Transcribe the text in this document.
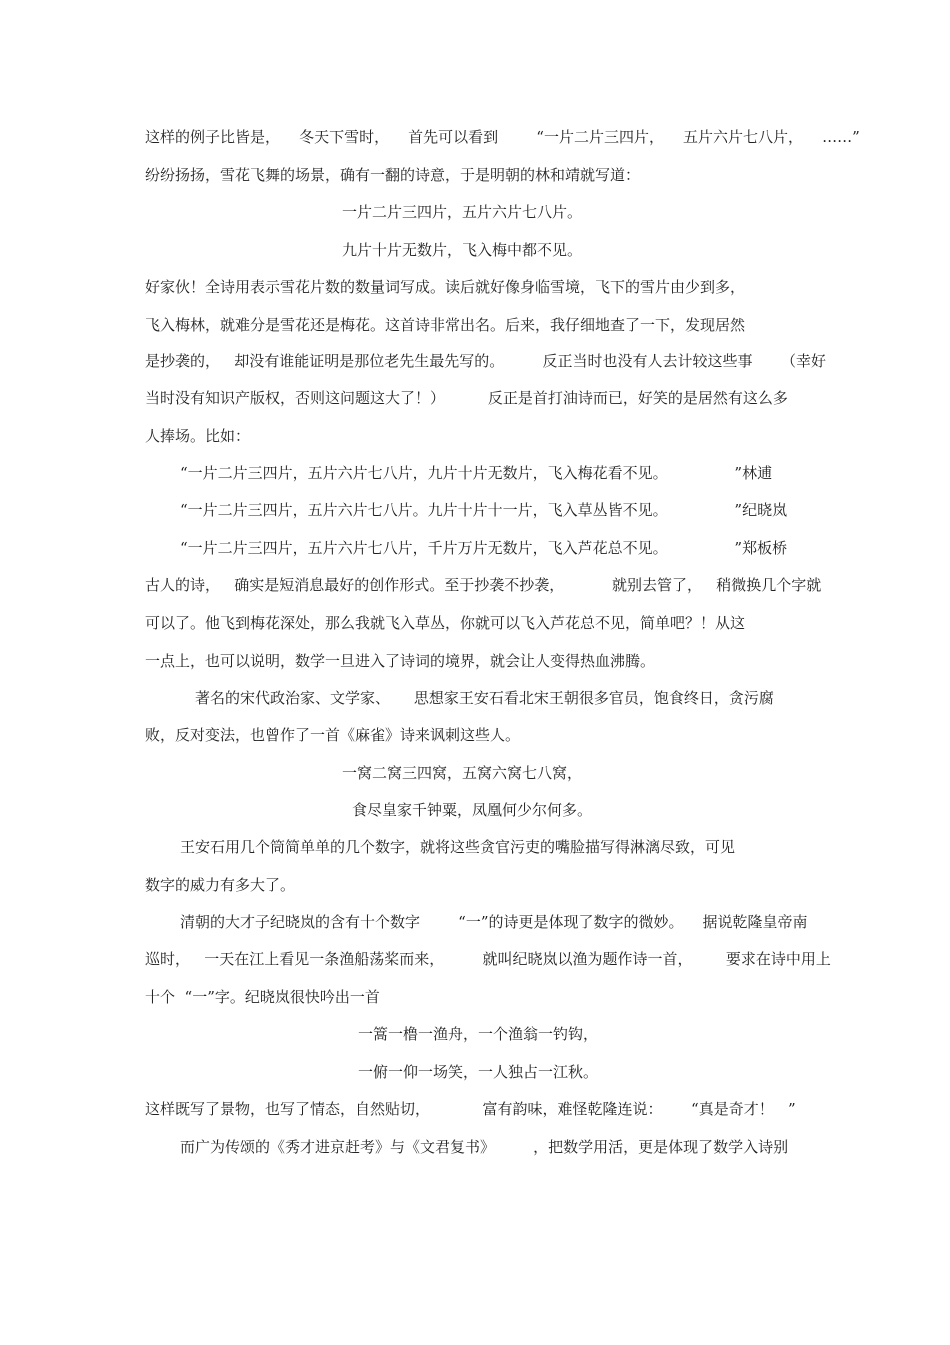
这样的例子比皆是，    冬天下雪时，    首先可以看到        “一片二片三四片，    五片六片七八片，    ……”
纷纷扬扬，雪花飞舞的场景，确有一翻的诗意，于是明朝的林和靖就写道：
一片二片三四片，五片六片七八片。
九片十片无数片，飞入梅中都不见。
好家伙！全诗用表示雪花片数的数量词写成。读后就好像身临雪境，飞下的雪片由少到多，
飞入梅林，就难分是雪花还是梅花。这首诗非常出名。后来，我仔细地查了一下，发现居然
是抄袭的，   却没有谁能证明是那位老先生最先写的。        反正当时也没有人去计较这些事      （幸好
当时没有知识产版权，否则这问题这大了！）         反正是首打油诗而已，好笑的是居然有这么多
人捧场。比如：
“一片二片三四片，五片六片七八片，九片十片无数片，飞入梅花看不见。              ”林逋
“一片二片三四片，五片六片七八片。九片十片十一片，飞入草丛皆不见。              ”纪晓岚
“一片二片三四片，五片六片七八片，千片万片无数片，飞入芦花总不见。              ”郑板桥
古人的诗，   确实是短消息最好的创作形式。至于抄袭不抄袭，          就别去管了，   稍微换几个字就
可以了。他飞到梅花深处，那么我就飞入草丛，你就可以飞入芦花总不见，简单吧？！从这
一点上，也可以说明，数学一旦进入了诗词的境界，就会让人变得热血沸腾。
著名的宋代政治家、文学家、     思想家王安石看北宋王朝很多官员，饱食终日，贪污腐
败，反对变法，也曾作了一首《麻雀》诗来讽刺这些人。
一窝二窝三四窝，五窝六窝七八窝，
食尽皇家千钟粟，凤凰何少尔何多。
王安石用几个筒简单单的几个数字，就将这些贪官污吏的嘴脸描写得淋漓尽致，可见
数字的威力有多大了。
清朝的大才子纪晓岚的含有十个数字        “一”的诗更是体现了数字的微妙。    据说乾隆皇帝南
巡时，   一天在江上看见一条渔船荡桨而来，        就叫纪晓岚以渔为题作诗一首，       要求在诗中用上
十个  “一”字。纪晓岚很快吟出一首
一篙一橹一渔舟，一个渔翁一钓钩，
一俯一仰一场笑，一人独占一江秋。
这样既写了景物，也写了情态，自然贴切，           富有韵味，难怪乾隆连说：      “真是奇才！   ”
而广为传颂的《秀才进京赶考》与《文君复书》        ，把数学用活，更是体现了数学入诗别
